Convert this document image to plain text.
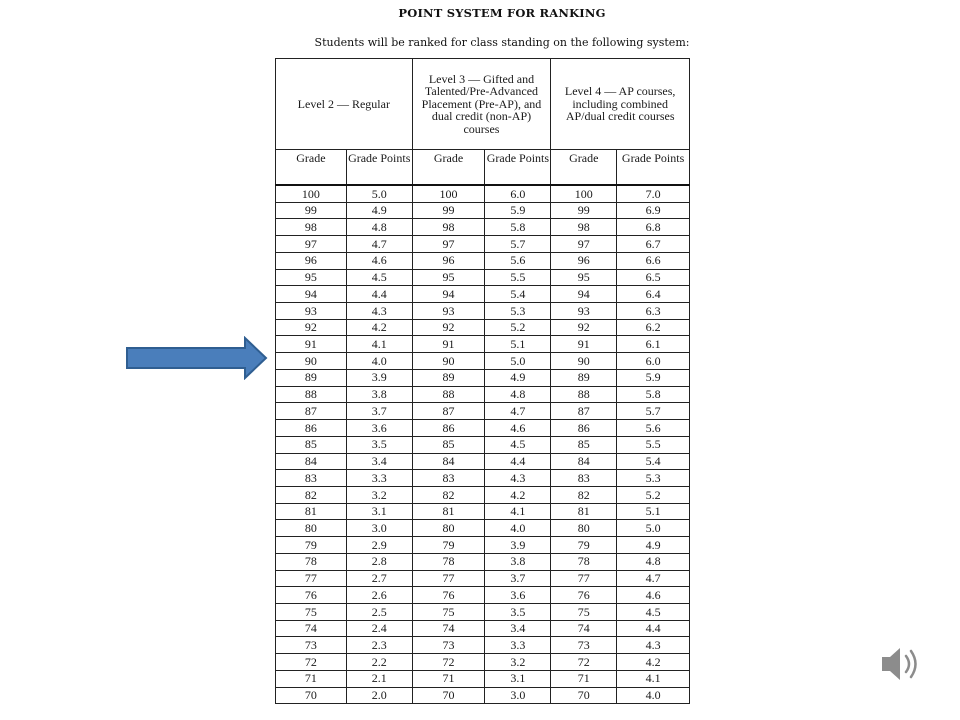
POINT SYSTEM FOR RANKING
Students will be ranked for class standing on the following system:
Level 2 — Regular		Level 3 — Gifted and Talented/Pre-Advanced Placement (Pre-AP), and dual credit (non-AP) courses		Level 4 — AP courses, including combined AP/dual credit courses	
Grade	Grade Points	Grade	Grade Points	Grade	Grade Points
100	5.0	100	6.0	100	7.0
99	4.9	99	5.9	99	6.9
98	4.8	98	5.8	98	6.8
97	4.7	97	5.7	97	6.7
96	4.6	96	5.6	96	6.6
95	4.5	95	5.5	95	6.5
94	4.4	94	5.4	94	6.4
93	4.3	93	5.3	93	6.3
92	4.2	92	5.2	92	6.2
91	4.1	91	5.1	91	6.1
90	4.0	90	5.0	90	6.0
89	3.9	89	4.9	89	5.9
88	3.8	88	4.8	88	5.8
87	3.7	87	4.7	87	5.7
86	3.6	86	4.6	86	5.6
85	3.5	85	4.5	85	5.5
84	3.4	84	4.4	84	5.4
83	3.3	83	4.3	83	5.3
82	3.2	82	4.2	82	5.2
81	3.1	81	4.1	81	5.1
80	3.0	80	4.0	80	5.0
79	2.9	79	3.9	79	4.9
78	2.8	78	3.8	78	4.8
77	2.7	77	3.7	77	4.7
76	2.6	76	3.6	76	4.6
75	2.5	75	3.5	75	4.5
74	2.4	74	3.4	74	4.4
73	2.3	73	3.3	73	4.3
72	2.2	72	3.2	72	4.2
71	2.1	71	3.1	71	4.1
70	2.0	70	3.0	70	4.0
